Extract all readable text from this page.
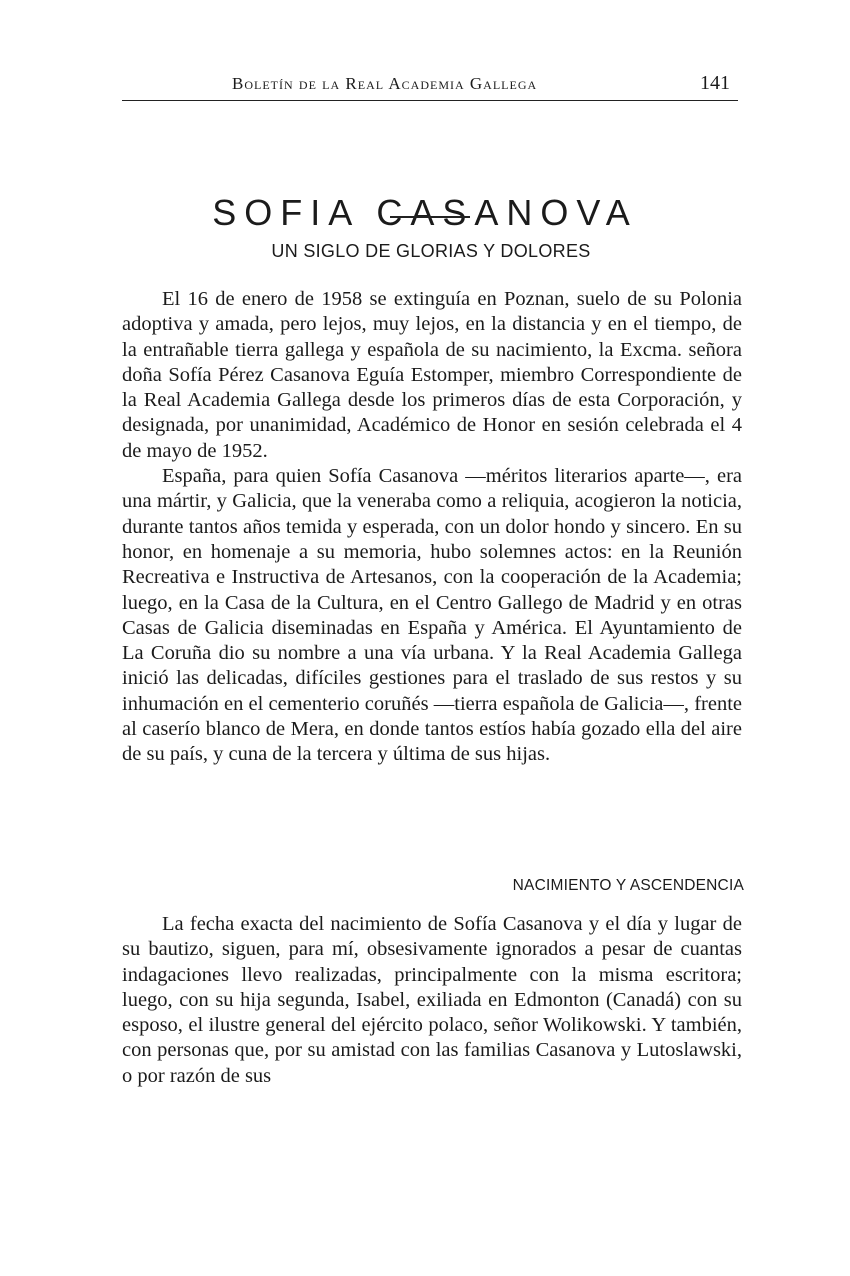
Boletín de la Real Academia Gallega	141
SOFIA CASANOVA
UN SIGLO DE GLORIAS Y DOLORES

El 16 de enero de 1958 se extinguía en Poznan, suelo de su Polonia adoptiva y amada, pero lejos, muy lejos, en la distancia y en el tiempo, de la entrañable tierra gallega y española de su nacimiento, la Excma. señora doña Sofía Pérez Casanova Eguía Estomper, miembro Correspondiente de la Real Academia Gallega desde los primeros días de esta Corporación, y designada, por unanimidad, Académico de Honor en sesión celebrada el 4 de mayo de 1952.

España, para quien Sofía Casanova —méritos literarios aparte—, era una mártir, y Galicia, que la veneraba como a reliquia, acogieron la noticia, durante tantos años temida y esperada, con un dolor hondo y sincero. En su honor, en homenaje a su memoria, hubo solemnes actos: en la Reunión Recreativa e Instructiva de Artesanos, con la cooperación de la Academia; luego, en la Casa de la Cultura, en el Centro Gallego de Madrid y en otras Casas de Galicia diseminadas en España y América. El Ayuntamiento de La Coruña dio su nombre a una vía urbana. Y la Real Academia Gallega inició las delicadas, difíciles gestiones para el traslado de sus restos y su inhumación en el cementerio coruñés —tierra española de Galicia—, frente al caserío blanco de Mera, en donde tantos estíos había gozado ella del aire de su país, y cuna de la tercera y última de sus hijas.

NACIMIENTO Y ASCENDENCIA

La fecha exacta del nacimiento de Sofía Casanova y el día y lugar de su bautizo, siguen, para mí, obsesivamente ignorados a pesar de cuantas indagaciones llevo realizadas, principalmente con la misma escritora; luego, con su hija segunda, Isabel, exiliada en Edmonton (Canadá) con su esposo, el ilustre general del ejército polaco, señor Wolikowski. Y también, con personas que, por su amistad con las familias Casanova y Lutoslawski, o por razón de sus
